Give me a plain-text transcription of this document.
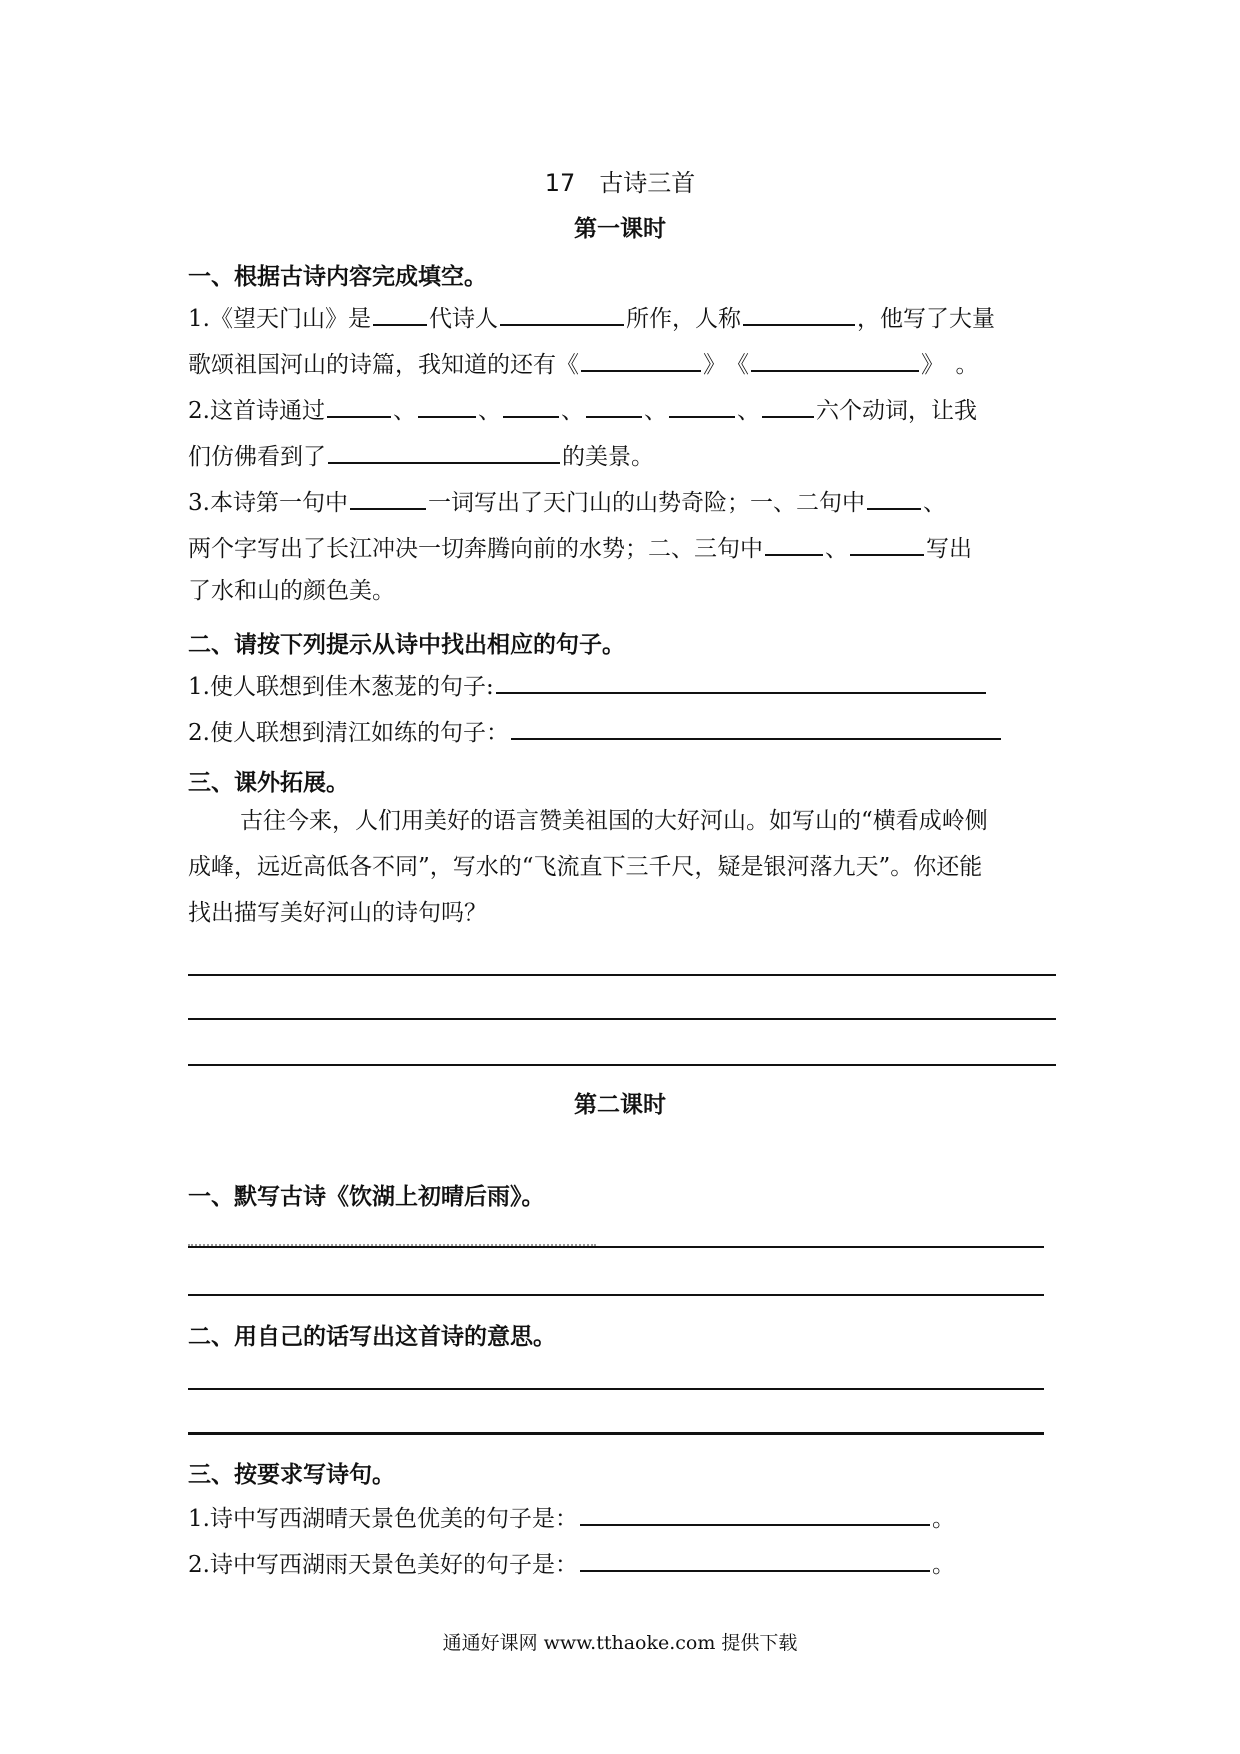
17　古诗三首
第一课时
一、根据古诗内容完成填空。
1.《望天门山》是	代诗人	所作，人称	，他写了大量
歌颂祖国河山的诗篇，我知道的还有《	》　《	》　。
2.这首诗通过	、	、	、	、	、 六个动词，让我
们仿佛看到了	的美景。
3.本诗第一句中	一词写出了天门山的山势奇险；一、二句中	、
两个字写出了长江冲决一切奔腾向前的水势；二、三句中	、	写出
了水和山的颜色美。
二、请按下列提示从诗中找出相应的句子。
1.使人联想到佳木葱茏的句子:
2.使人联想到清江如练的句子：
三、课外拓展。
古往今来，人们用美好的语言赞美祖国的大好河山。如写山的“横看成岭侧
成峰，远近高低各不同”，写水的“飞流直下三千尺，疑是银河落九天”。你还能
找出描写美好河山的诗句吗？
第二课时
一、默写古诗《饮湖上初晴后雨》。
二、用自己的话写出这首诗的意思。
三、按要求写诗句。
1.诗中写西湖晴天景色优美的句子是：	。
2.诗中写西湖雨天景色美好的句子是：	。
通通好课网 www.tthaoke.com 提供下载
